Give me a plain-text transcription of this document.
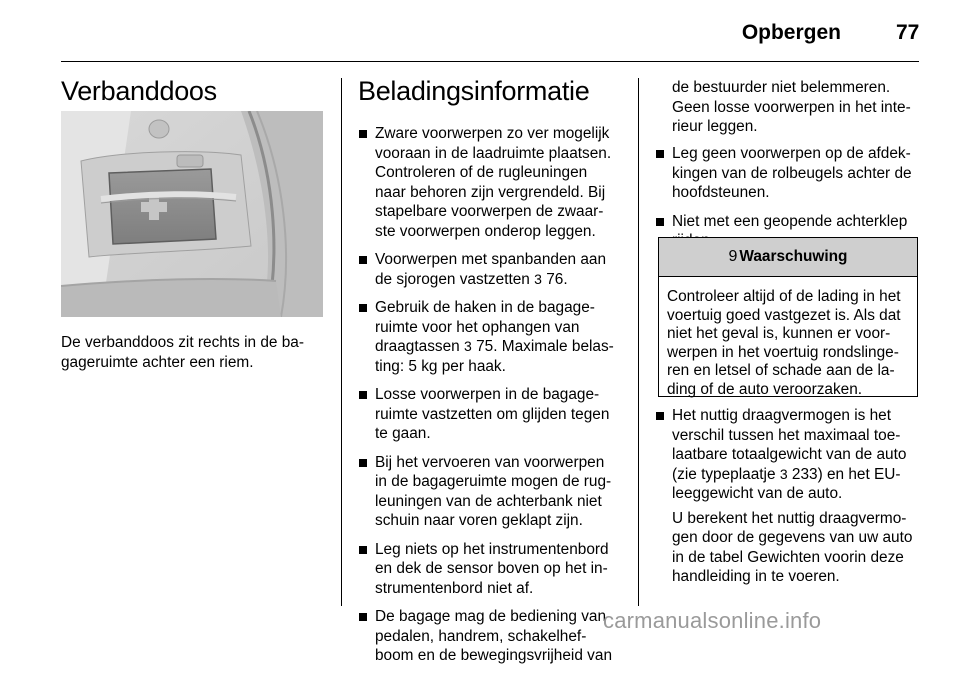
Opbergen	77
Verbanddoos

De verbanddoos zit rechts in de ba-

gageruimte achter een riem.

Beladingsinformatie
Zware voorwerpen zo ver mogelijk
vooraan in de laadruimte plaatsen.
Controleren of de rugleuningen
naar behoren zijn vergrendeld. Bij
stapelbare voorwerpen de zwaar-
ste voorwerpen onderop leggen.
Voorwerpen met spanbanden aan
de sjorogen vastzetten 3 76.
Gebruik de haken in de bagage-
ruimte voor het ophangen van
draagtassen 3 75. Maximale belas-
ting: 5 kg per haak.
Losse voorwerpen in de bagage-
ruimte vastzetten om glijden tegen
te gaan.
Bij het vervoeren van voorwerpen
in de bagageruimte mogen de rug-
leuningen van de achterbank niet
schuin naar voren geklapt zijn.
Leg niets op het instrumentenbord
en dek de sensor boven op het in-
strumentenbord niet af.
De bagage mag de bediening van
pedalen, handrem, schakelhef-
boom en de bewegingsvrijheid van

de bestuurder niet belemmeren.

Geen losse voorwerpen in het inte-

rieur leggen.

Leg geen voorwerpen op de afdek-
kingen van de rolbeugels achter de
hoofdsteunen.
Niet met een geopende achterklep
9 Waarschuwing
Controleer altijd of de lading in het
voertuig goed vastgezet is. Als dat
niet het geval is, kunnen er voor-
werpen in het voertuig rondslinge-
ren en letsel of schade aan de la-
ding of de auto veroorzaken.
Het nuttig draagvermogen is het
verschil tussen het maximaal toe-
laatbare totaalgewicht van de auto
(zie typeplaatje 3 233) en het EU-
leeggewicht van de auto.
U berekent het nuttig draagvermo-
gen door de gegevens van uw auto
in de tabel Gewichten voorin deze
handleiding in te voeren.
carmanualsonline.info
